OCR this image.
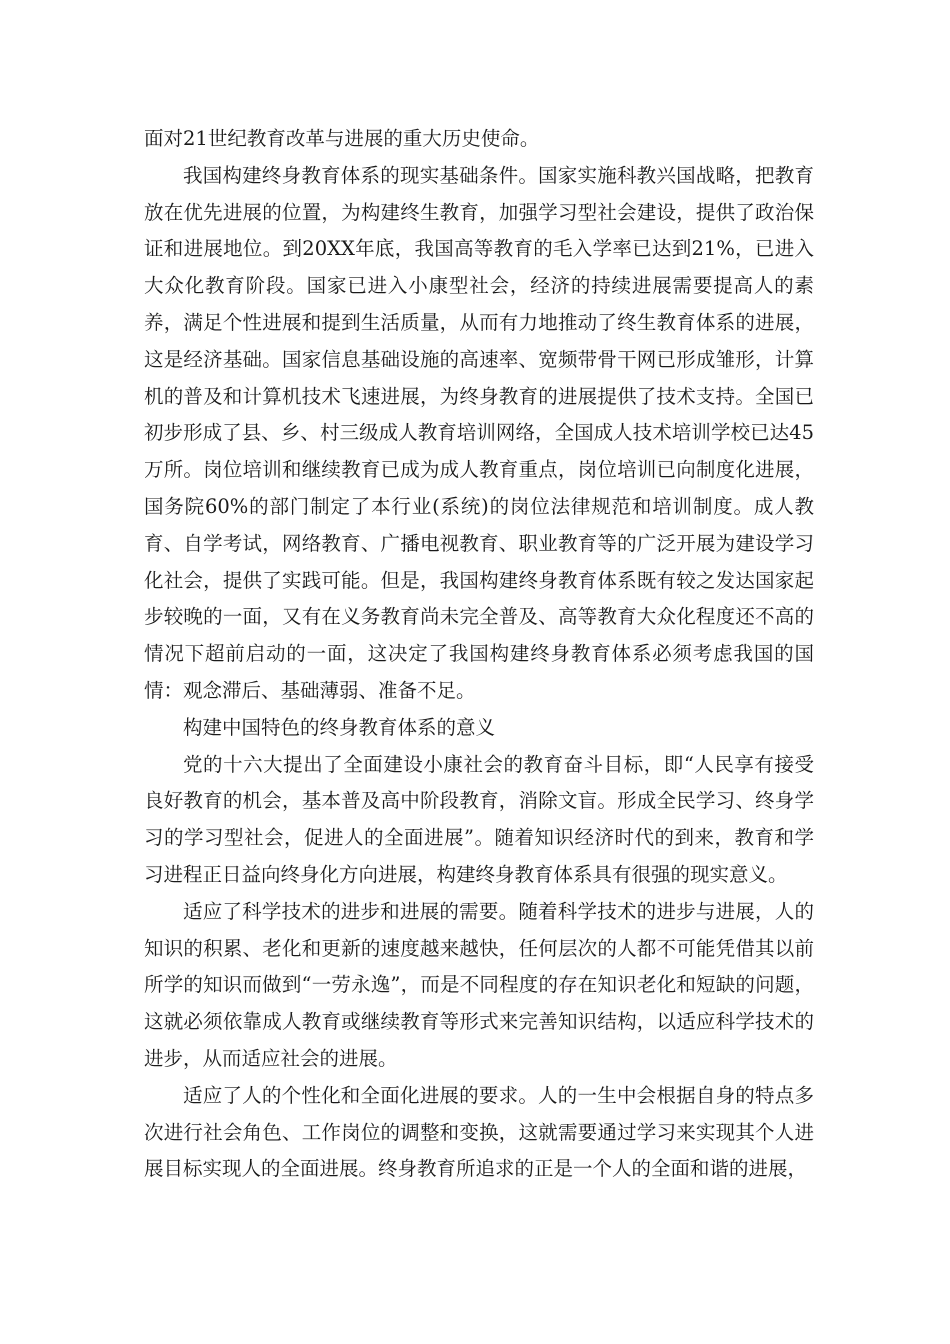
面对21世纪教育改革与进展的重大历史使命。

我国构建终身教育体系的现实基础条件。国家实施科教兴国战略，把教育放在优先进展的位置，为构建终生教育，加强学习型社会建设，提供了政治保证和进展地位。到20XX年底，我国高等教育的毛入学率已达到21%，已进入大众化教育阶段。国家已进入小康型社会，经济的持续进展需要提高人的素养，满足个性进展和提到生活质量，从而有力地推动了终生教育体系的进展，这是经济基础。国家信息基础设施的高速率、宽频带骨干网已形成雏形，计算机的普及和计算机技术飞速进展，为终身教育的进展提供了技术支持。全国已初步形成了县、乡、村三级成人教育培训网络，全国成人技术培训学校已达45万所。岗位培训和继续教育已成为成人教育重点，岗位培训已向制度化进展，国务院60%的部门制定了本行业(系统)的岗位法律规范和培训制度。成人教育、自学考试，网络教育、广播电视教育、职业教育等的广泛开展为建设学习化社会，提供了实践可能。但是，我国构建终身教育体系既有较之发达国家起步较晚的一面，又有在义务教育尚未完全普及、高等教育大众化程度还不高的情况下超前启动的一面，这决定了我国构建终身教育体系必须考虑我国的国情：观念滞后、基础薄弱、准备不足。

构建中国特色的终身教育体系的意义

党的十六大提出了全面建设小康社会的教育奋斗目标，即“人民享有接受良好教育的机会，基本普及高中阶段教育，消除文盲。形成全民学习、终身学习的学习型社会，促进人的全面进展”。随着知识经济时代的到来，教育和学习进程正日益向终身化方向进展，构建终身教育体系具有很强的现实意义。

适应了科学技术的进步和进展的需要。随着科学技术的进步与进展，人的知识的积累、老化和更新的速度越来越快，任何层次的人都不可能凭借其以前所学的知识而做到“一劳永逸”，而是不同程度的存在知识老化和短缺的问题，这就必须依靠成人教育或继续教育等形式来完善知识结构，以适应科学技术的进步，从而适应社会的进展。

适应了人的个性化和全面化进展的要求。人的一生中会根据自身的特点多次进行社会角色、工作岗位的调整和变换，这就需要通过学习来实现其个人进展目标实现人的全面进展。终身教育所追求的正是一个人的全面和谐的进展，
